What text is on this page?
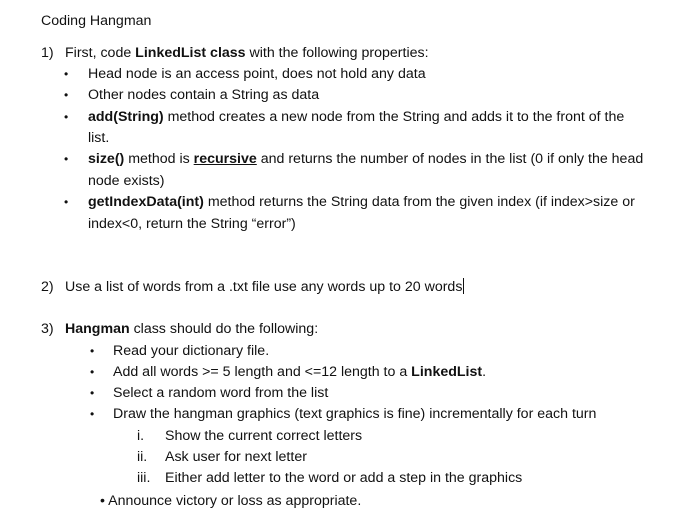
Coding Hangman
1) First, code LinkedList class with the following properties:
• Head node is an access point, does not hold any data
• Other nodes contain a String as data
• add(String) method creates a new node from the String and adds it to the front of the
list.
• size() method is recursive and returns the number of nodes in the list (0 if only the head
node exists)
• getIndexData(int) method returns the String data from the given index (if index>size or
index<0, return the String “error”)
2) Use a list of words from a .txt file use any words up to 20 words
3) Hangman class should do the following:
• Read your dictionary file.
• Add all words >= 5 length and <=12 length to a LinkedList.
• Select a random word from the list
• Draw the hangman graphics (text graphics is fine) incrementally for each turn
i. Show the current correct letters
ii. Ask user for next letter
iii. Either add letter to the word or add a step in the graphics
• Announce victory or loss as appropriate.
